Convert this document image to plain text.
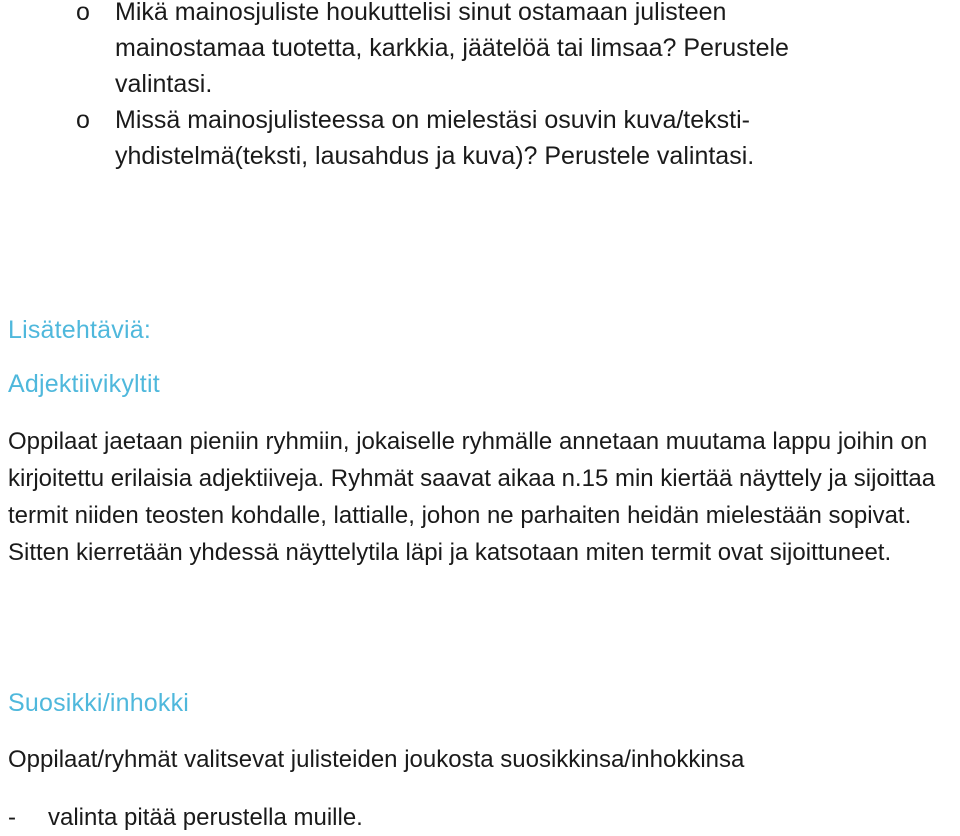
o Mikä mainosjuliste houkuttelisi sinut ostamaan julisteen mainostamaa tuotetta, karkkia, jäätelöä tai limsaa? Perustele valintasi.
o Missä mainosjulisteessa on mielestäsi osuvin kuva/teksti-yhdistelmä(teksti, lausahdus ja kuva)? Perustele valintasi.
Lisätehtäviä:
Adjektiivikyltit

Oppilaat jaetaan pieniin ryhmiin, jokaiselle ryhmälle annetaan muutama lappu joihin on kirjoitettu erilaisia adjektiiveja. Ryhmät saavat aikaa n.15 min kiertää näyttely ja sijoittaa termit niiden teosten kohdalle, lattialle, johon ne parhaiten heidän mielestään sopivat. Sitten kierretään yhdessä näyttelytila läpi ja katsotaan miten termit ovat sijoittuneet.

Suosikki/inhokki

Oppilaat/ryhmät valitsevat julisteiden joukosta suosikkinsa/inhokkinsa

- valinta pitää perustella muille.
